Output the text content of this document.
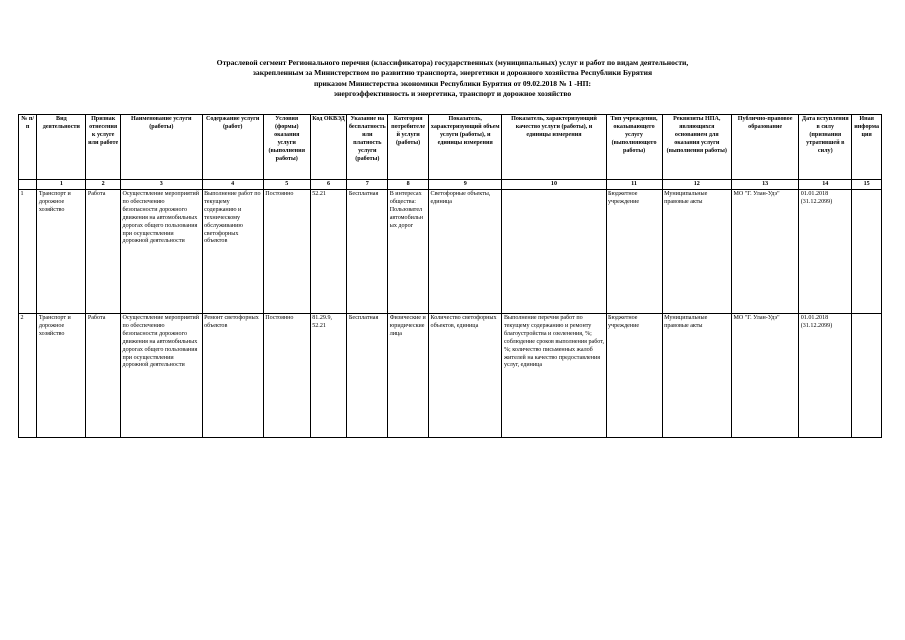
Отраслевой сегмент Регионального перечня (классификатора) государственных (муниципальных) услуг и работ по видам деятельности,
закрепленным за Министерством по развитию транспорта, энергетики и дорожного хозяйства Республики Бурятия
приказом Министерства экономики Республики Бурятия от 09.02.2018 № 1 -НП:
энергоэффективность и энергетика, транспорт и дорожное хозяйство
№ п/п	Вид деятельности	Признак отнесения к услуге или работе	Наименование услуги (работы)	Содержание услуги (работ)	Условия (формы) оказания услуги (выполнения работы)	Код ОКВЭД	Указание на бесплатность или платность услуги (работы)	Категория потребителей услуги (работы)	Показатель, характеризующий объем услуги (работы), и единицы измерения	Показатель, характеризующий качество услуги (работы), и единицы измерения	Тип учреждения, оказывающего услугу (выполняющего работы)	Реквизиты НПА, являющихся основанием для оказания услуги (выполнения работы)	Публично-правовое образование	Дата вступления в силу (признания утратившей в силу)	Иная информация
	1	2	3	4	5	6	7	8	9	10	11	12	13	14	15
1	Транспорт и дорожное хозяйство	Работа	Осуществление мероприятий по обеспечению безопасности дорожного движения на автомобильных дорогах общего пользования при осуществлении дорожной деятельности	Выполнение работ по текущему содержанию и техническому обслуживанию светофорных объектов	Постоянно	52.21	Бесплатная	В интересах общества: Пользовател автомобильных дорог	Светофорные объекты, единица		Бюджетное учреждение	Муниципальные правовые акты	МО "Г. Улан-Удэ"	01.01.2018 (31.12.2099)	
2	Транспорт и дорожное хозяйство	Работа	Осуществление мероприятий по обеспечению безопасности дорожного движения на автомобильных дорогах общего пользования при осуществлении дорожной деятельности	Ремонт светофорных объектов	Постоянно	81.29.9, 52.21	Бесплатная	Физические и юридические лица	Количество светофорных объектов, единица	Выполнение перечня работ по текущему содержанию и ремонту благоустройства и озеленения, %; соблюдение сроков выполнения работ, %; количество письменных жалоб жителей на качество предоставления услуг, единица	Бюджетное учреждение	Муниципальные правовые акты	МО "Г. Улан-Удэ"	01.01.2018 (31.12.2099)	
